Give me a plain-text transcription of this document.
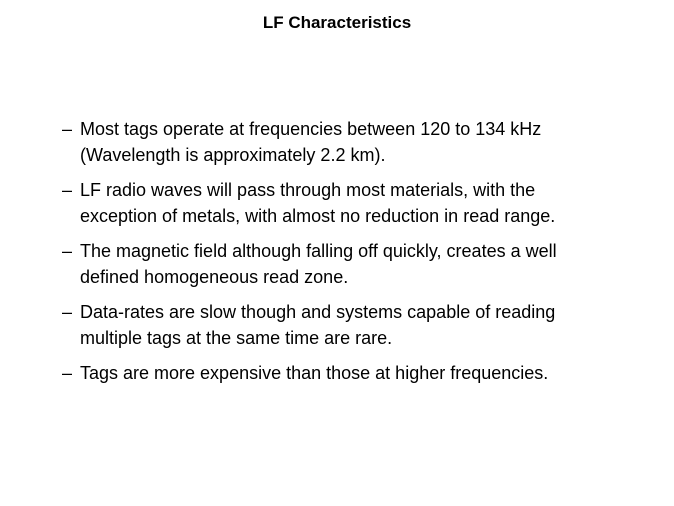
LF Characteristics
– Most tags operate at frequencies between 120 to 134 kHz
(Wavelength is approximately 2.2 km).
– LF radio waves will pass through most materials, with the
exception of metals, with almost no reduction in read range.
– The magnetic field although falling off quickly, creates a well
defined homogeneous read zone.
– Data-rates are slow though and systems capable of reading
multiple tags at the same time are rare.
– Tags are more expensive than those at higher frequencies.
